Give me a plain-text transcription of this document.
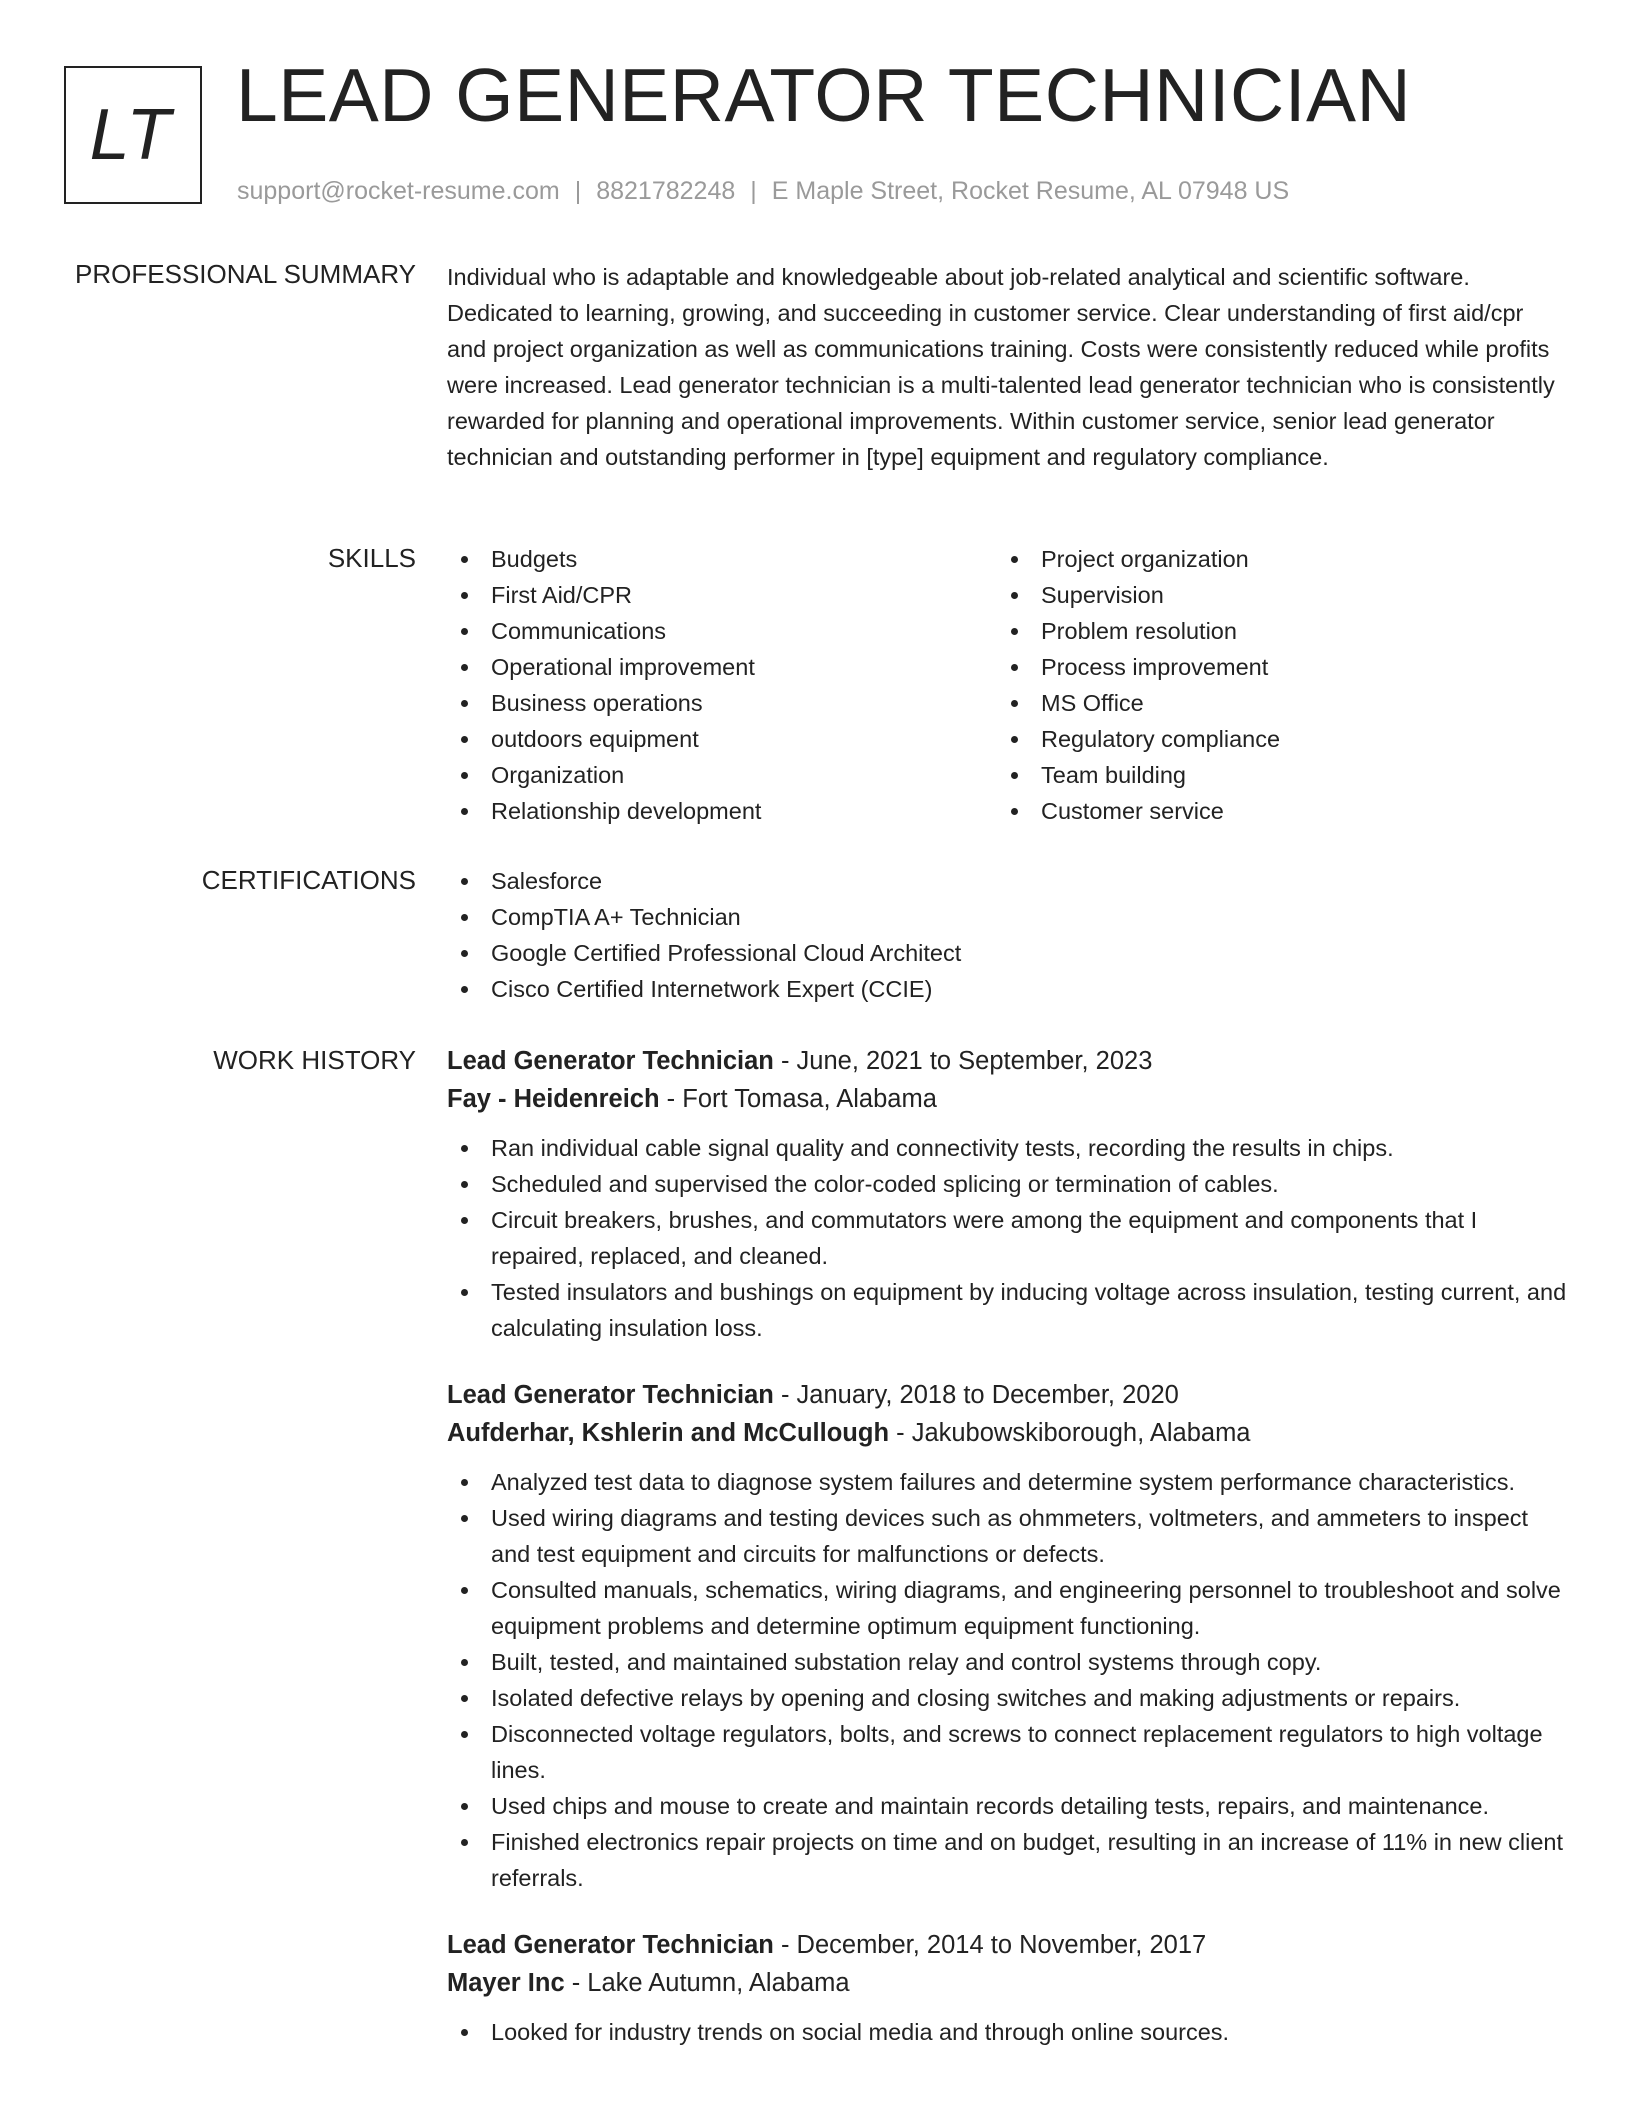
LT LEAD GENERATOR TECHNICIAN
support@rocket-resume.com | 8821782248 | E Maple Street, Rocket Resume, AL 07948 US
PROFESSIONAL SUMMARY Individual who is adaptable and knowledgeable about job-related analytical and scientific software. Dedicated to learning, growing, and succeeding in customer service. Clear understanding of first aid/cpr and project organization as well as communications training. Costs were consistently reduced while profits were increased. Lead generator technician is a multi-talented lead generator technician who is consistently rewarded for planning and operational improvements. Within customer service, senior lead generator technician and outstanding performer in [type] equipment and regulatory compliance.
SKILLS	Budgets
First Aid/CPR
Communications
Operational improvement
Business operations
outdoors equipment
Organization
Relationship development
Project organization
Supervision
Problem resolution
Process improvement
MS Office
Regulatory compliance
Team building
Customer service
CERTIFICATIONS	Salesforce
CompTIA A+ Technician
Google Certified Professional Cloud Architect
Cisco Certified Internetwork Expert (CCIE)
WORK HISTORY Lead Generator Technician - June, 2021 to September, 2023
Fay - Heidenreich - Fort Tomasa, Alabama
Ran individual cable signal quality and connectivity tests, recording the results in chips.
Scheduled and supervised the color-coded splicing or termination of cables.
Circuit breakers, brushes, and commutators were among the equipment and components that I repaired, replaced, and cleaned.
Tested insulators and bushings on equipment by inducing voltage across insulation, testing current, and calculating insulation loss.
Lead Generator Technician - January, 2018 to December, 2020
Aufderhar, Kshlerin and McCullough - Jakubowskiborough, Alabama
Analyzed test data to diagnose system failures and determine system performance characteristics.
Used wiring diagrams and testing devices such as ohmmeters, voltmeters, and ammeters to inspect and test equipment and circuits for malfunctions or defects.
Consulted manuals, schematics, wiring diagrams, and engineering personnel to troubleshoot and solve equipment problems and determine optimum equipment functioning.
Built, tested, and maintained substation relay and control systems through copy.
Isolated defective relays by opening and closing switches and making adjustments or repairs.
Disconnected voltage regulators, bolts, and screws to connect replacement regulators to high voltage lines.
Used chips and mouse to create and maintain records detailing tests, repairs, and maintenance.
Finished electronics repair projects on time and on budget, resulting in an increase of 11% in new client referrals.
Lead Generator Technician - December, 2014 to November, 2017
Mayer Inc - Lake Autumn, Alabama
Looked for industry trends on social media and through online sources.
